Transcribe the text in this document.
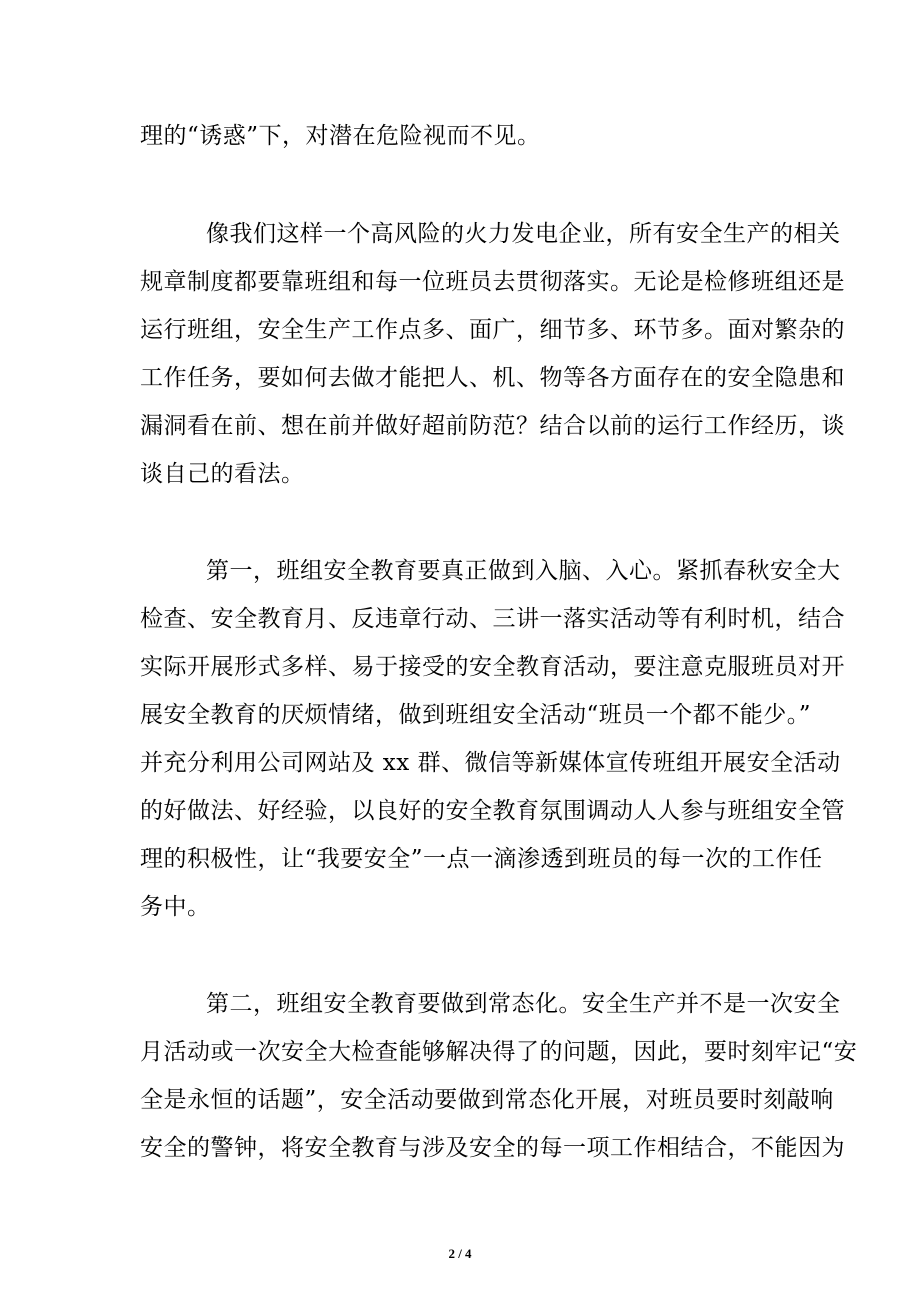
理的“诱惑”下，对潜在危险视而不见。
像我们这样一个高风险的火力发电企业，所有安全生产的相关
规章制度都要靠班组和每一位班员去贯彻落实。无论是检修班组还是
运行班组，安全生产工作点多、面广，细节多、环节多。面对繁杂的
工作任务，要如何去做才能把人、机、物等各方面存在的安全隐患和
漏洞看在前、想在前并做好超前防范？结合以前的运行工作经历，谈
谈自己的看法。
第一，班组安全教育要真正做到入脑、入心。紧抓春秋安全大
检查、安全教育月、反违章行动、三讲一落实活动等有利时机，结合
实际开展形式多样、易于接受的安全教育活动，要注意克服班员对开
展安全教育的厌烦情绪，做到班组安全活动“班员一个都不能少。”
并充分利用公司网站及 xx 群、微信等新媒体宣传班组开展安全活动
的好做法、好经验，以良好的安全教育氛围调动人人参与班组安全管
理的积极性，让“我要安全”一点一滴渗透到班员的每一次的工作任
务中。
第二，班组安全教育要做到常态化。安全生产并不是一次安全
月活动或一次安全大检查能够解决得了的问题，因此，要时刻牢记“安
全是永恒的话题”，安全活动要做到常态化开展，对班员要时刻敲响
安全的警钟，将安全教育与涉及安全的每一项工作相结合，不能因为
2 / 4
